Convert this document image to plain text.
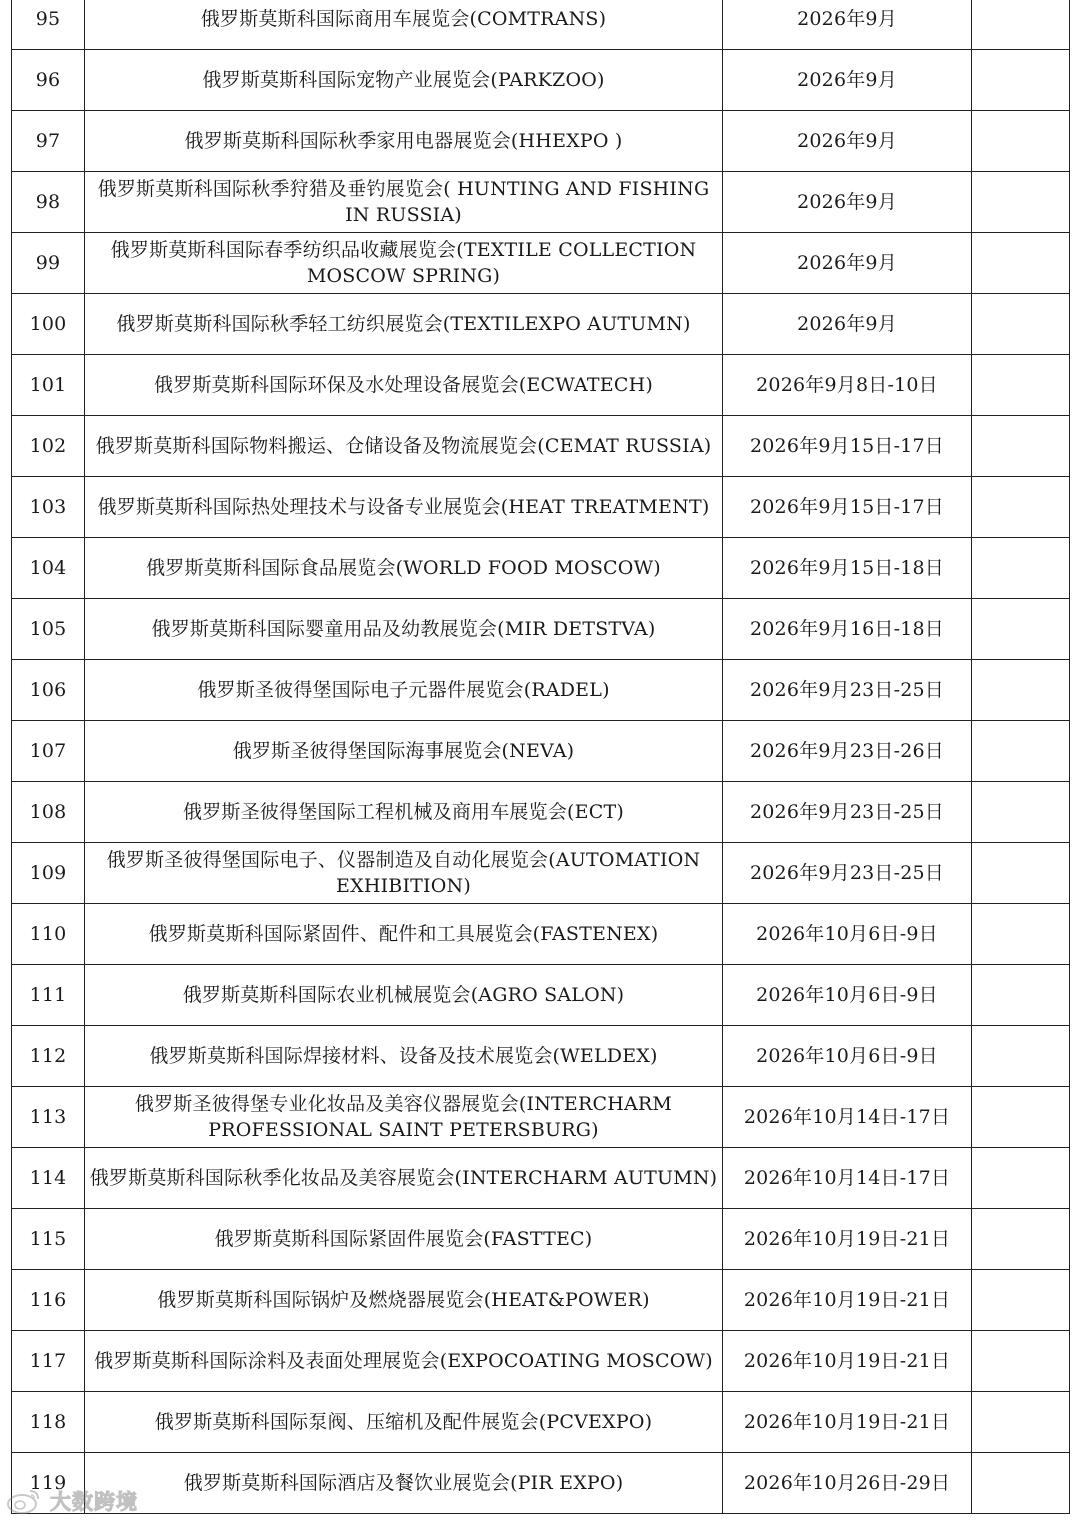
95	俄罗斯莫斯科国际商用车展览会(COMTRANS)	2026年9月	
96	俄罗斯莫斯科国际宠物产业展览会(PARKZOO)	2026年9月	
97	俄罗斯莫斯科国际秋季家用电器展览会(HHEXPO )	2026年9月	
98	俄罗斯莫斯科国际秋季狩猎及垂钓展览会( HUNTING AND FISHING IN RUSSIA)	2026年9月	
99	俄罗斯莫斯科国际春季纺织品收藏展览会(TEXTILE COLLECTION MOSCOW SPRING)	2026年9月	
100	俄罗斯莫斯科国际秋季轻工纺织展览会(TEXTILEXPO AUTUMN)	2026年9月	
101	俄罗斯莫斯科国际环保及水处理设备展览会(ECWATECH)	2026年9月8日-10日	
102	俄罗斯莫斯科国际物料搬运、仓储设备及物流展览会(CEMAT RUSSIA)	2026年9月15日-17日	
103	俄罗斯莫斯科国际热处理技术与设备专业展览会(HEAT TREATMENT)	2026年9月15日-17日	
104	俄罗斯莫斯科国际食品展览会(WORLD FOOD MOSCOW)	2026年9月15日-18日	
105	俄罗斯莫斯科国际婴童用品及幼教展览会(MIR DETSTVA)	2026年9月16日-18日	
106	俄罗斯圣彼得堡国际电子元器件展览会(RADEL)	2026年9月23日-25日	
107	俄罗斯圣彼得堡国际海事展览会(NEVA)	2026年9月23日-26日	
108	俄罗斯圣彼得堡国际工程机械及商用车展览会(ECT)	2026年9月23日-25日	
109	俄罗斯圣彼得堡国际电子、仪器制造及自动化展览会(AUTOMATION EXHIBITION)	2026年9月23日-25日	
110	俄罗斯莫斯科国际紧固件、配件和工具展览会(FASTENEX)	2026年10月6日-9日	
111	俄罗斯莫斯科国际农业机械展览会(AGRO SALON)	2026年10月6日-9日	
112	俄罗斯莫斯科国际焊接材料、设备及技术展览会(WELDEX)	2026年10月6日-9日	
113	俄罗斯圣彼得堡专业化妆品及美容仪器展览会(INTERCHARM PROFESSIONAL SAINT PETERSBURG)	2026年10月14日-17日	
114	俄罗斯莫斯科国际秋季化妆品及美容展览会(INTERCHARM AUTUMN)	2026年10月14日-17日	
115	俄罗斯莫斯科国际紧固件展览会(FASTTEC)	2026年10月19日-21日	
116	俄罗斯莫斯科国际锅炉及燃烧器展览会(HEAT&POWER)	2026年10月19日-21日	
117	俄罗斯莫斯科国际涂料及表面处理展览会(EXPOCOATING MOSCOW)	2026年10月19日-21日	
118	俄罗斯莫斯科国际泵阀、压缩机及配件展览会(PCVEXPO)	2026年10月19日-21日	
119	俄罗斯莫斯科国际酒店及餐饮业展览会(PIR EXPO)	2026年10月26日-29日	
大数跨境
